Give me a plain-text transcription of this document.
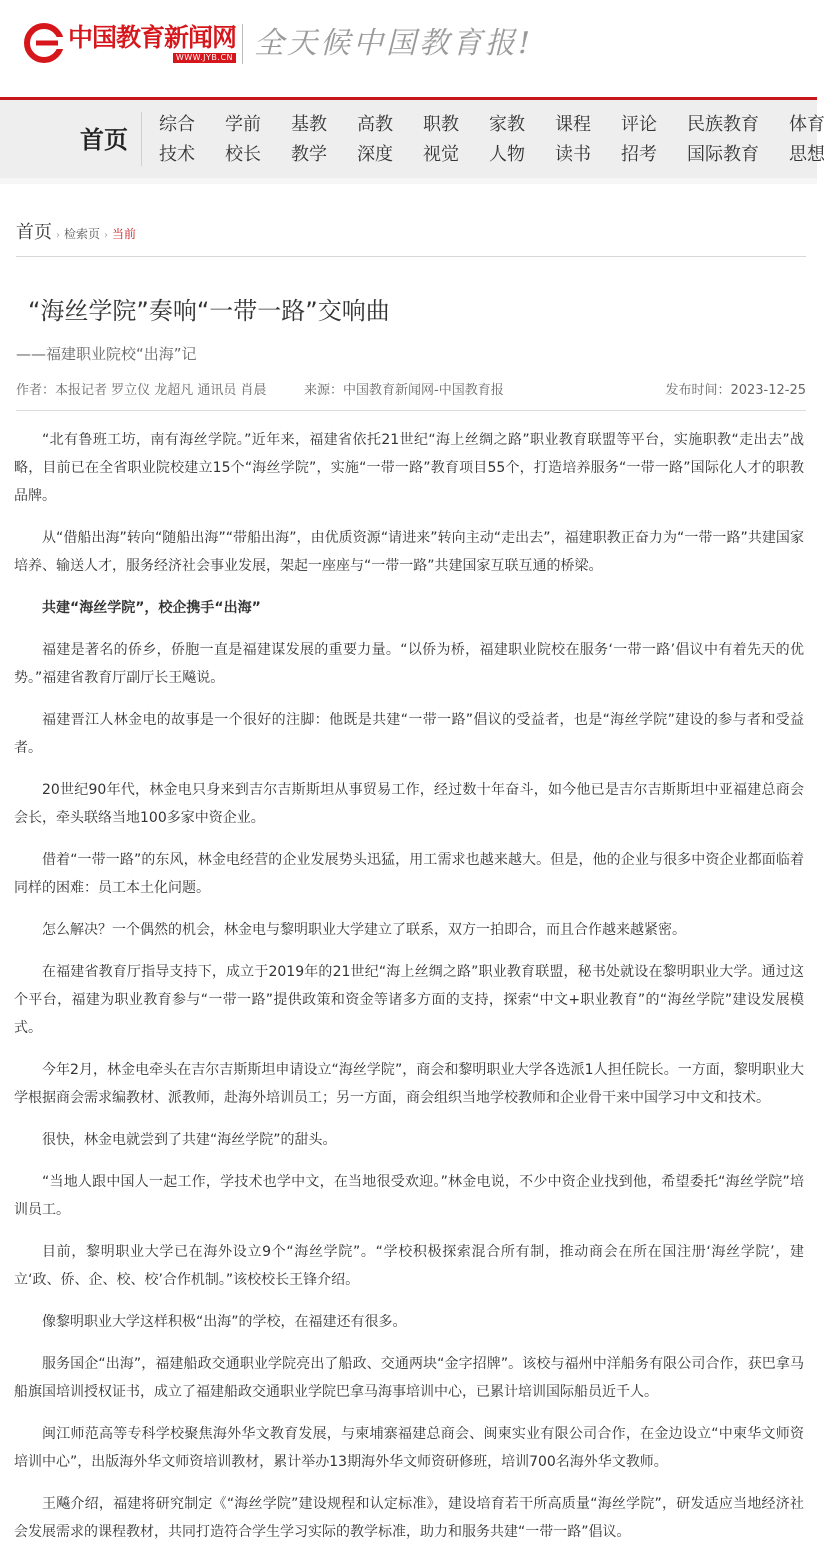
中国教育新闻网
WWW.JYB.CN 全天候中国教育报!
首页
综合 学前 基教 高教 职教 家教 课程 评论 民族教育 体育
技术 校长 教学 深度 视觉 人物 读书 招考 国际教育 思想
首页 › 检索页 › 当前
“海丝学院”奏响“一带一路”交响曲
——福建职业院校“出海”记
作者：本报记者 罗立仪 龙超凡 通讯员 肖晨	来源：中国教育新闻网-中国教育报	发布时间：2023-12-25

“北有鲁班工坊，南有海丝学院。”近年来，福建省依托21世纪“海上丝绸之路”职业教育联盟等平台，实施职教“走出去”战略，目前已在全省职业院校建立15个“海丝学院”，实施“一带一路”教育项目55个，打造培养服务“一带一路”国际化人才的职教品牌。

从“借船出海”转向“随船出海”“带船出海”，由优质资源“请进来”转向主动“走出去”，福建职教正奋力为“一带一路”共建国家培养、输送人才，服务经济社会事业发展，架起一座座与“一带一路”共建国家互联互通的桥梁。

共建“海丝学院”，校企携手“出海”

福建是著名的侨乡，侨胞一直是福建谋发展的重要力量。“以侨为桥，福建职业院校在服务‘一带一路’倡议中有着先天的优势。”福建省教育厅副厅长王飚说。

福建晋江人林金电的故事是一个很好的注脚：他既是共建“一带一路”倡议的受益者，也是“海丝学院”建设的参与者和受益者。

20世纪90年代，林金电只身来到吉尔吉斯斯坦从事贸易工作，经过数十年奋斗，如今他已是吉尔吉斯斯坦中亚福建总商会会长，牵头联络当地100多家中资企业。

借着“一带一路”的东风，林金电经营的企业发展势头迅猛，用工需求也越来越大。但是，他的企业与很多中资企业都面临着同样的困难：员工本土化问题。

怎么解决？一个偶然的机会，林金电与黎明职业大学建立了联系，双方一拍即合，而且合作越来越紧密。

在福建省教育厅指导支持下，成立于2019年的21世纪“海上丝绸之路”职业教育联盟，秘书处就设在黎明职业大学。通过这个平台，福建为职业教育参与“一带一路”提供政策和资金等诸多方面的支持，探索“中文+职业教育”的“海丝学院”建设发展模式。

今年2月，林金电牵头在吉尔吉斯斯坦申请设立“海丝学院”，商会和黎明职业大学各选派1人担任院长。一方面，黎明职业大学根据商会需求编教材、派教师，赴海外培训员工；另一方面，商会组织当地学校教师和企业骨干来中国学习中文和技术。

很快，林金电就尝到了共建“海丝学院”的甜头。

“当地人跟中国人一起工作，学技术也学中文，在当地很受欢迎。”林金电说，不少中资企业找到他，希望委托“海丝学院”培训员工。

目前，黎明职业大学已在海外设立9个“海丝学院”。“学校积极探索混合所有制，推动商会在所在国注册‘海丝学院’，建立‘政、侨、企、校、校’合作机制。”该校校长王锋介绍。

像黎明职业大学这样积极“出海”的学校，在福建还有很多。

服务国企“出海”，福建船政交通职业学院亮出了船政、交通两块“金字招牌”。该校与福州中洋船务有限公司合作，获巴拿马船旗国培训授权证书，成立了福建船政交通职业学院巴拿马海事培训中心，已累计培训国际船员近千人。

闽江师范高等专科学校聚焦海外华文教育发展，与柬埔寨福建总商会、闽柬实业有限公司合作，在金边设立“中柬华文师资培训中心”，出版海外华文师资培训教材，累计举办13期海外华文师资研修班，培训700名海外华文教师。

王飚介绍，福建将研究制定《“海丝学院”建设规程和认定标准》，建设培育若干所高质量“海丝学院”，研发适应当地经济社会发展需求的课程教材，共同打造符合学生学习实际的教学标准，助力和服务共建“一带一路”倡议。
